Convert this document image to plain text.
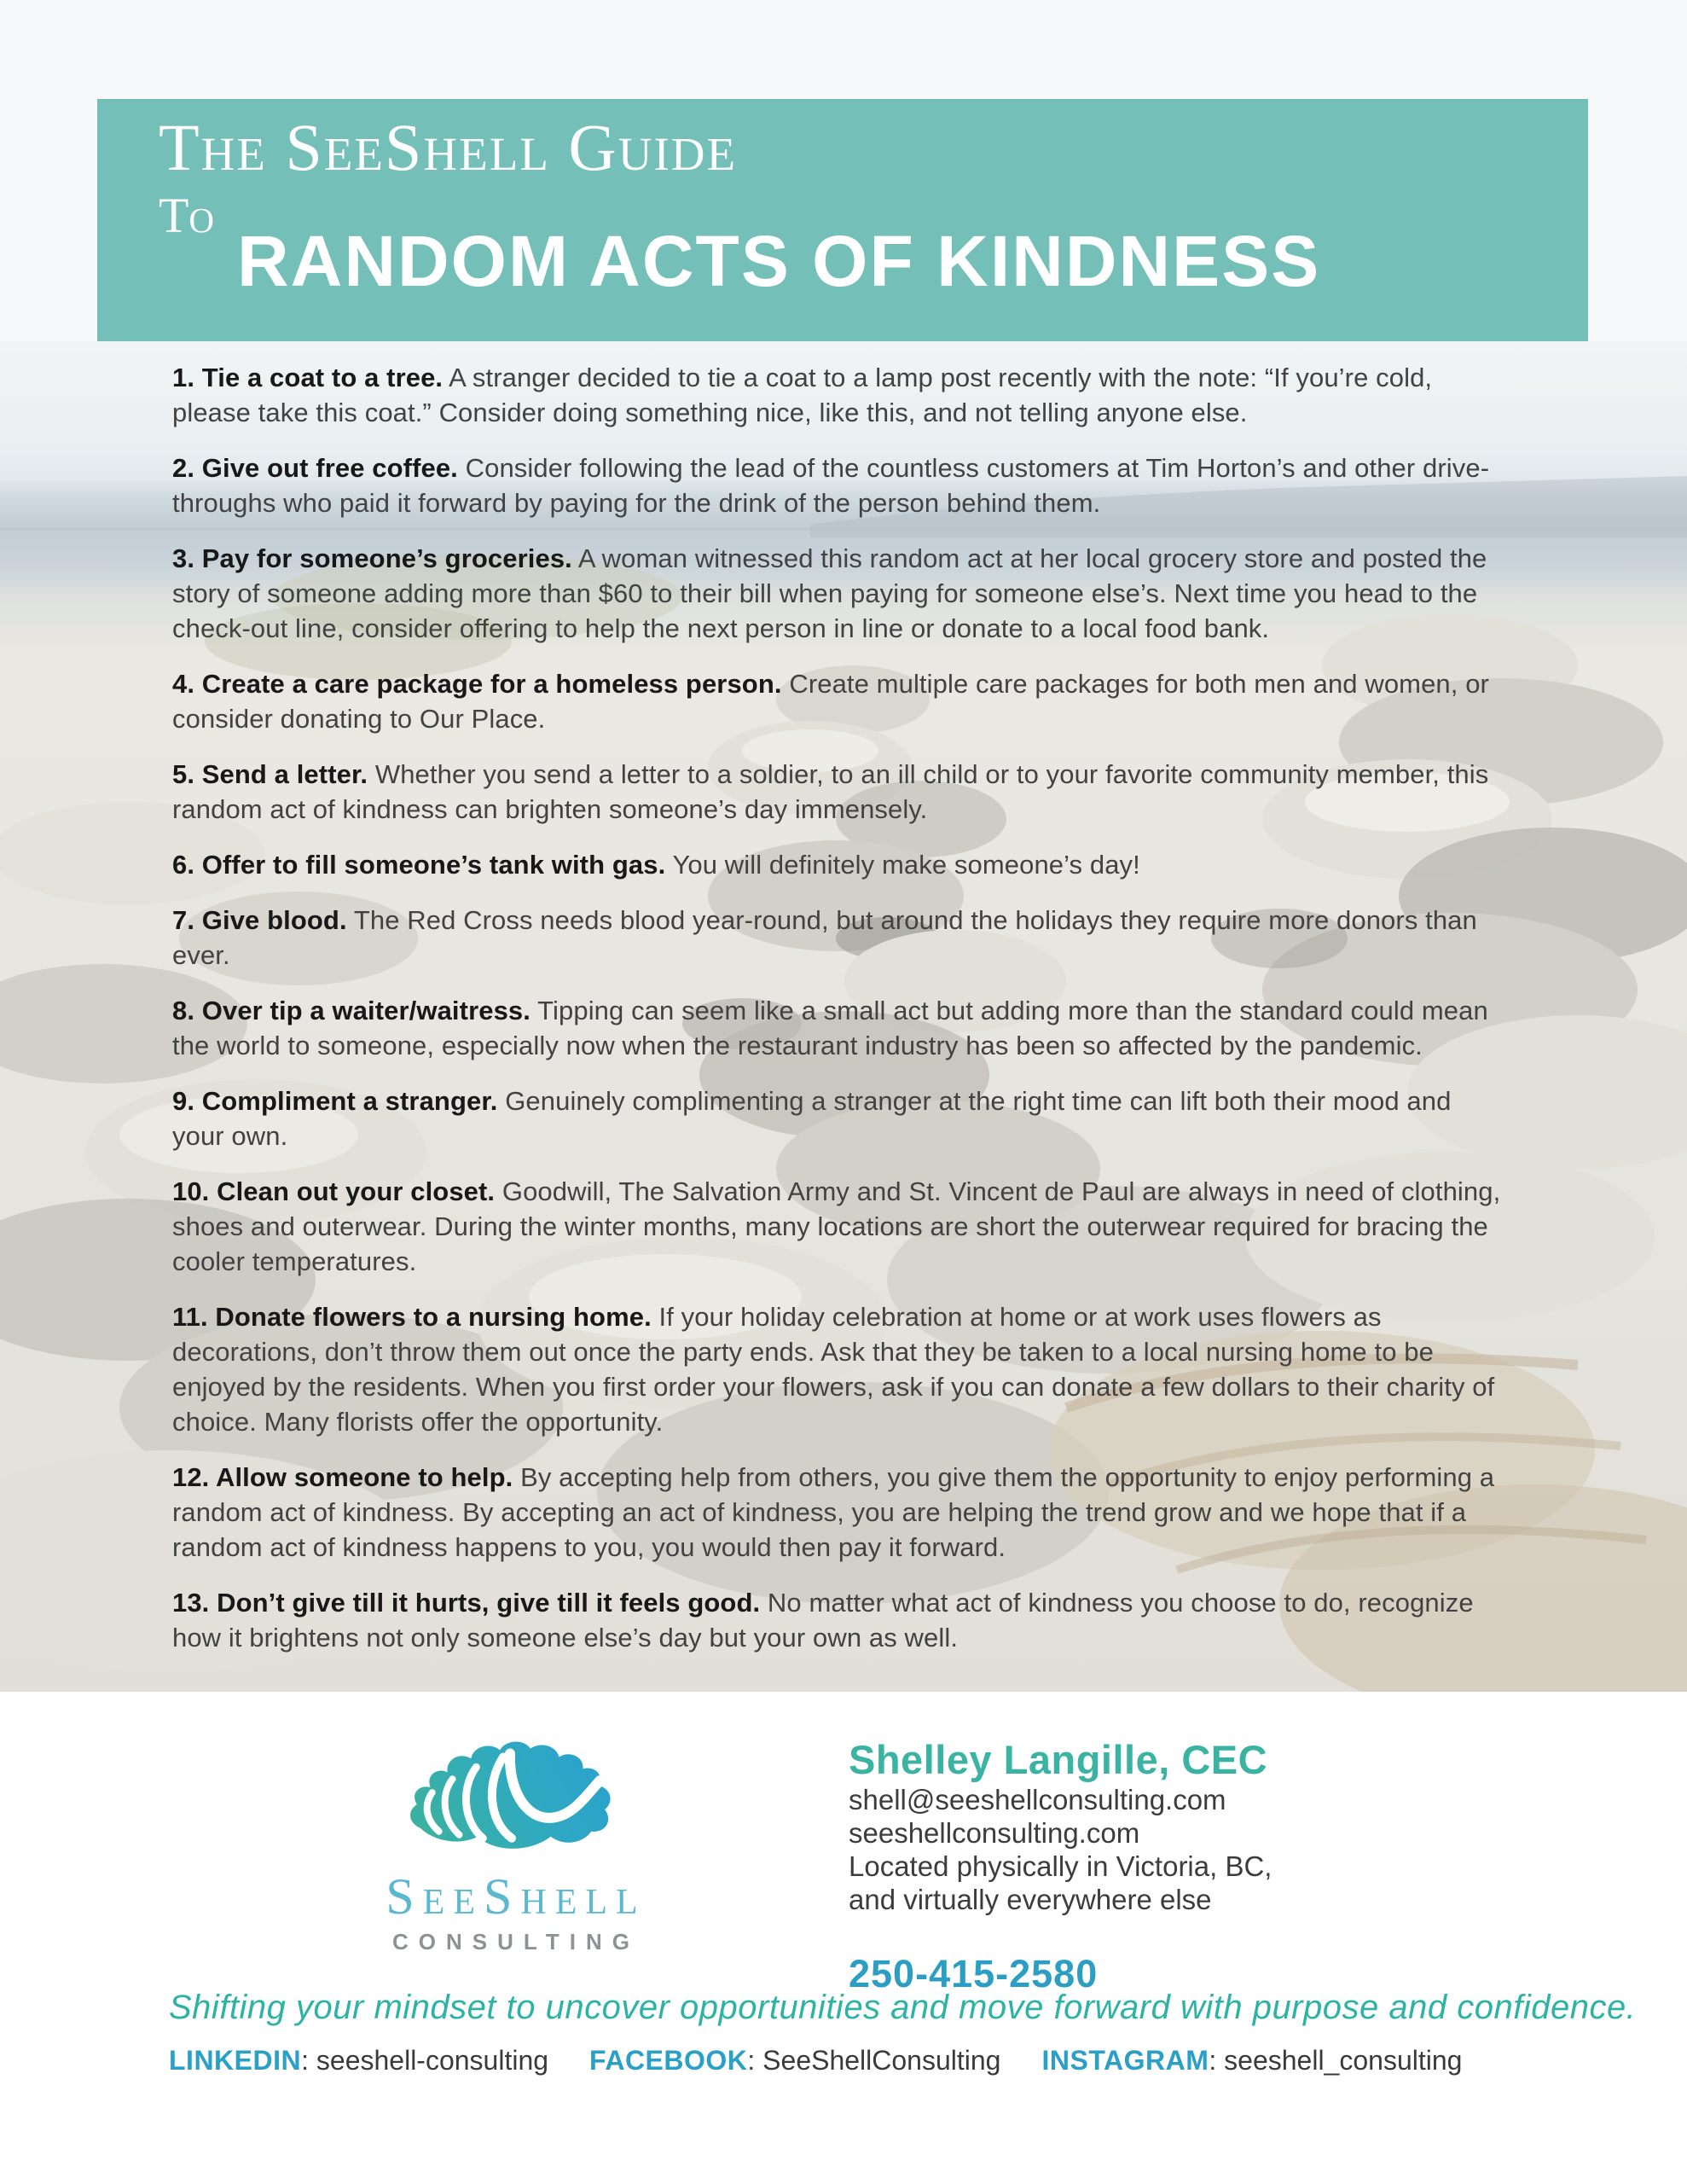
The SeeShell Guide
To
RANDOM ACTS OF KINDNESS

1. Tie a coat to a tree. A stranger decided to tie a coat to a lamp post recently with the note: “If you’re cold, please take this coat.” Consider doing something nice, like this, and not telling anyone else.

2. Give out free coffee. Consider following the lead of the countless customers at Tim Horton’s and other drive-throughs who paid it forward by paying for the drink of the person behind them.

3. Pay for someone’s groceries. A woman witnessed this random act at her local grocery store and posted the story of someone adding more than $60 to their bill when paying for someone else’s. Next time you head to the check-out line, consider offering to help the next person in line or donate to a local food bank.

4. Create a care package for a homeless person. Create multiple care packages for both men and women, or consider donating to Our Place.

5. Send a letter. Whether you send a letter to a soldier, to an ill child or to your favorite community member, this random act of kindness can brighten someone’s day immensely.

6. Offer to fill someone’s tank with gas. You will definitely make someone’s day!

7. Give blood. The Red Cross needs blood year-round, but around the holidays they require more donors than ever.

8. Over tip a waiter/waitress. Tipping can seem like a small act but adding more than the standard could mean the world to someone, especially now when the restaurant industry has been so affected by the pandemic.

9. Compliment a stranger. Genuinely complimenting a stranger at the right time can lift both their mood and your own.

10. Clean out your closet. Goodwill, The Salvation Army and St. Vincent de Paul are always in need of clothing, shoes and outerwear. During the winter months, many locations are short the outerwear required for bracing the cooler temperatures.

11. Donate flowers to a nursing home. If your holiday celebration at home or at work uses flowers as decorations, don’t throw them out once the party ends. Ask that they be taken to a local nursing home to be enjoyed by the residents. When you first order your flowers, ask if you can donate a few dollars to their charity of choice. Many florists offer the opportunity.

12. Allow someone to help. By accepting help from others, you give them the opportunity to enjoy performing a random act of kindness. By accepting an act of kindness, you are helping the trend grow and we hope that if a random act of kindness happens to you, you would then pay it forward.

13. Don’t give till it hurts, give till it feels good. No matter what act of kindness you choose to do, recognize how it brightens not only someone else’s day but your own as well.

SeeShell
CONSULTING
Shelley Langille, CEC
shell@seeshellconsulting.com
seeshellconsulting.com
Located physically in Victoria, BC,
and virtually everywhere else
250-415-2580
Shifting your mindset to uncover opportunities and move forward with purpose and confidence.
LINKEDIN: seeshell-consulting FACEBOOK: SeeShellConsulting INSTAGRAM: seeshell_consulting
